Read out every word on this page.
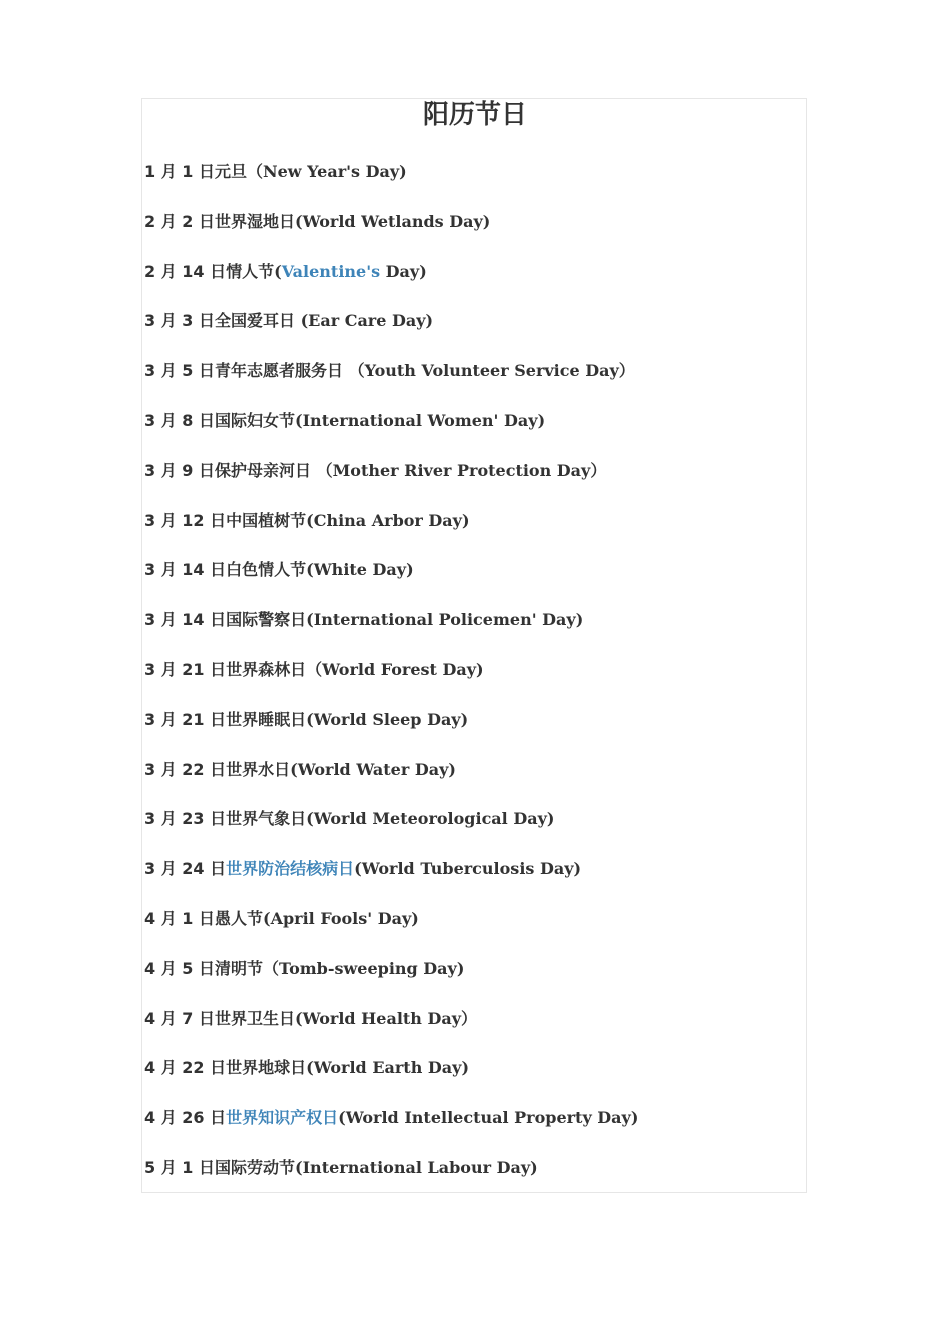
阳历节日
1 月 1 日元旦（New Year's Day)
2 月 2 日世界湿地日(World Wetlands Day)
2 月 14 日情人节(Valentine's Day)
3 月 3 日全国爱耳日 (Ear Care Day)
3 月 5 日青年志愿者服务日 （Youth Volunteer Service Day）
3 月 8 日国际妇女节(International Women' Day)
3 月 9 日保护母亲河日 （Mother River Protection Day）
3 月 12 日中国植树节(China Arbor Day)
3 月 14 日白色情人节(White Day)
3 月 14 日国际警察日(International Policemen' Day)
3 月 21 日世界森林日（World Forest Day)
3 月 21 日世界睡眠日(World Sleep Day)
3 月 22 日世界水日(World Water Day)
3 月 23 日世界气象日(World Meteorological Day)
3 月 24 日世界防治结核病日(World Tuberculosis Day)
4 月 1 日愚人节(April Fools' Day)
4 月 5 日清明节（Tomb-sweeping Day)
4 月 7 日世界卫生日(World Health Day）
4 月 22 日世界地球日(World Earth Day)
4 月 26 日世界知识产权日(World Intellectual Property Day)
5 月 1 日国际劳动节(International Labour Day)
